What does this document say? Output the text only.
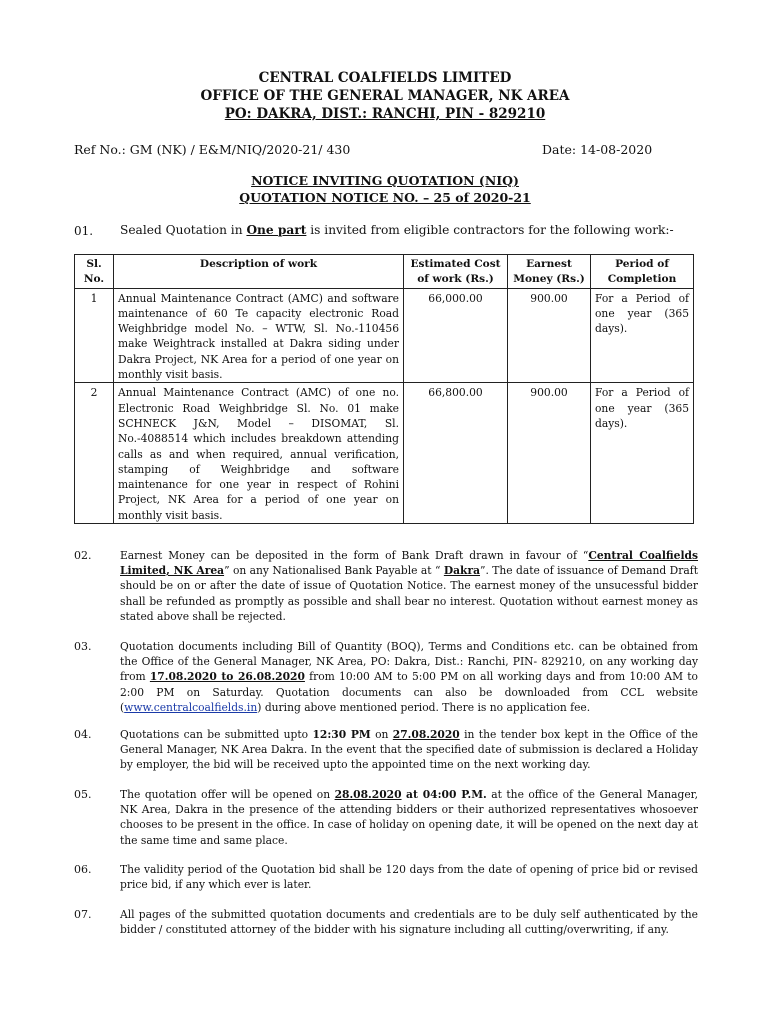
CENTRAL COALFIELDS LIMITED
OFFICE OF THE GENERAL MANAGER, NK AREA
PO: DAKRA, DIST.: RANCHI, PIN - 829210
Ref No.: GM (NK) / E&M/NIQ/2020-21/ 430	Date: 14-08-2020
NOTICE INVITING QUOTATION (NIQ)
QUOTATION NOTICE NO. – 25 of 2020-21
01. Sealed Quotation in One part is invited from eligible contractors for the following work:-
Sl. No.	Description of work	Estimated Cost of work (Rs.)	Earnest Money (Rs.)	Period of Completion
1	Annual Maintenance Contract (AMC) and software maintenance of 60 Te capacity electronic Road Weighbridge model No. – WTW, Sl. No.-110456 make Weightrack installed at Dakra siding under Dakra Project, NK Area for a period of one year on monthly visit basis.	66,000.00	900.00	For a Period of one year (365 days).
2	Annual Maintenance Contract (AMC) of one no. Electronic Road Weighbridge Sl. No. 01 make SCHNECK J&N, Model – DISOMAT, Sl. No.-4088514 which includes breakdown attending calls as and when required, annual verification, stamping of Weighbridge and software maintenance for one year in respect of Rohini Project, NK Area for a period of one year on monthly visit basis.	66,800.00	900.00	For a Period of one year (365 days).
02.	Earnest Money can be deposited in the form of Bank Draft drawn in favour of “Central Coalfields Limited, NK Area” on any Nationalised Bank Payable at “ Dakra”. The date of issuance of Demand Draft should be on or after the date of issue of Quotation Notice. The earnest money of the unsucessful bidder shall be refunded as promptly as possible and shall bear no interest. Quotation without earnest money as stated above shall be rejected.
03.	Quotation documents including Bill of Quantity (BOQ), Terms and Conditions etc. can be obtained from the Office of the General Manager, NK Area, PO: Dakra, Dist.: Ranchi, PIN- 829210, on any working day from 17.08.2020 to 26.08.2020 from 10:00 AM to 5:00 PM on all working days and from 10:00 AM to 2:00 PM on Saturday. Quotation documents can also be downloaded from CCL website (www.centralcoalfields.in) during above mentioned period. There is no application fee.
04.	Quotations can be submitted upto 12:30 PM on 27.08.2020 in the tender box kept in the Office of the General Manager, NK Area Dakra. In the event that the specified date of submission is declared a Holiday by employer, the bid will be received upto the appointed time on the next working day.
05.	The quotation offer will be opened on 28.08.2020 at 04:00 P.M. at the office of the General Manager, NK Area, Dakra in the presence of the attending bidders or their authorized representatives whosoever chooses to be present in the office. In case of holiday on opening date, it will be opened on the next day at the same time and same place.
06.	The validity period of the Quotation bid shall be 120 days from the date of opening of price bid or revised price bid, if any which ever is later.
07.	All pages of the submitted quotation documents and credentials are to be duly self authenticated by the bidder / constituted attorney of the bidder with his signature including all cutting/overwriting, if any.
